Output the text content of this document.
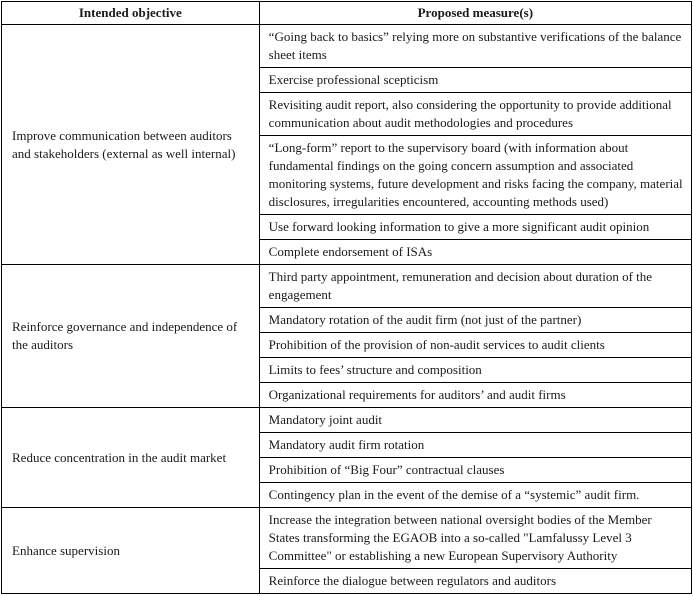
Intended objective	Proposed measure(s)
Improve communication between auditors and stakeholders (external as well internal)	“Going back to basics” relying more on substantive verifications of the balance sheet items
	Exercise professional scepticism
	Revisiting audit report, also considering the opportunity to provide additional communication about audit methodologies and procedures
	“Long-form” report to the supervisory board (with information about fundamental findings on the going concern assumption and associated monitoring systems, future development and risks facing the company, material disclosures, irregularities encountered, accounting methods used)
	Use forward looking information to give a more significant audit opinion
	Complete endorsement of ISAs
Reinforce governance and independence of the auditors	Third party appointment, remuneration and decision about duration of the engagement
	Mandatory rotation of the audit firm (not just of the partner)
	Prohibition of the provision of non-audit services to audit clients
	Limits to fees’ structure and composition
	Organizational requirements for auditors’ and audit firms
Reduce concentration in the audit market	Mandatory joint audit
	Mandatory audit firm rotation
	Prohibition of “Big Four” contractual clauses
	Contingency plan in the event of the demise of a “systemic” audit firm.
Enhance supervision	Increase the integration between national oversight bodies of the Member States transforming the EGAOB into a so-called "Lamfalussy Level 3 Committee" or establishing a new European Supervisory Authority
	Reinforce the dialogue between regulators and auditors
